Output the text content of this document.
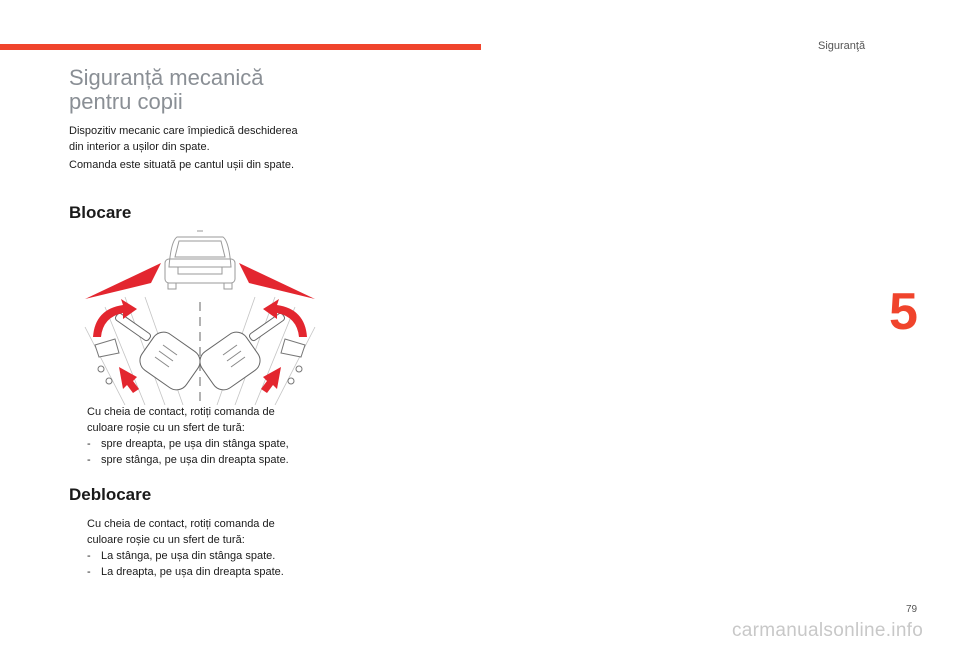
Siguranţă
5
Siguranță mecanică
pentru copii

Dispozitiv mecanic care împiedică deschiderea
din interior a ușilor din spate.

Comanda este situată pe cantul ușii din spate.

Blocare
Cu cheia de contact, rotiți comanda de
culoare roșie cu un sfert de tură:
- spre dreapta, pe ușa din stânga spate,
- spre stânga, pe ușa din dreapta spate.
Deblocare
Cu cheia de contact, rotiți comanda de
culoare roșie cu un sfert de tură:
- La stânga, pe ușa din stânga spate.
- La dreapta, pe ușa din dreapta spate.
79
carmanualsonline.info
